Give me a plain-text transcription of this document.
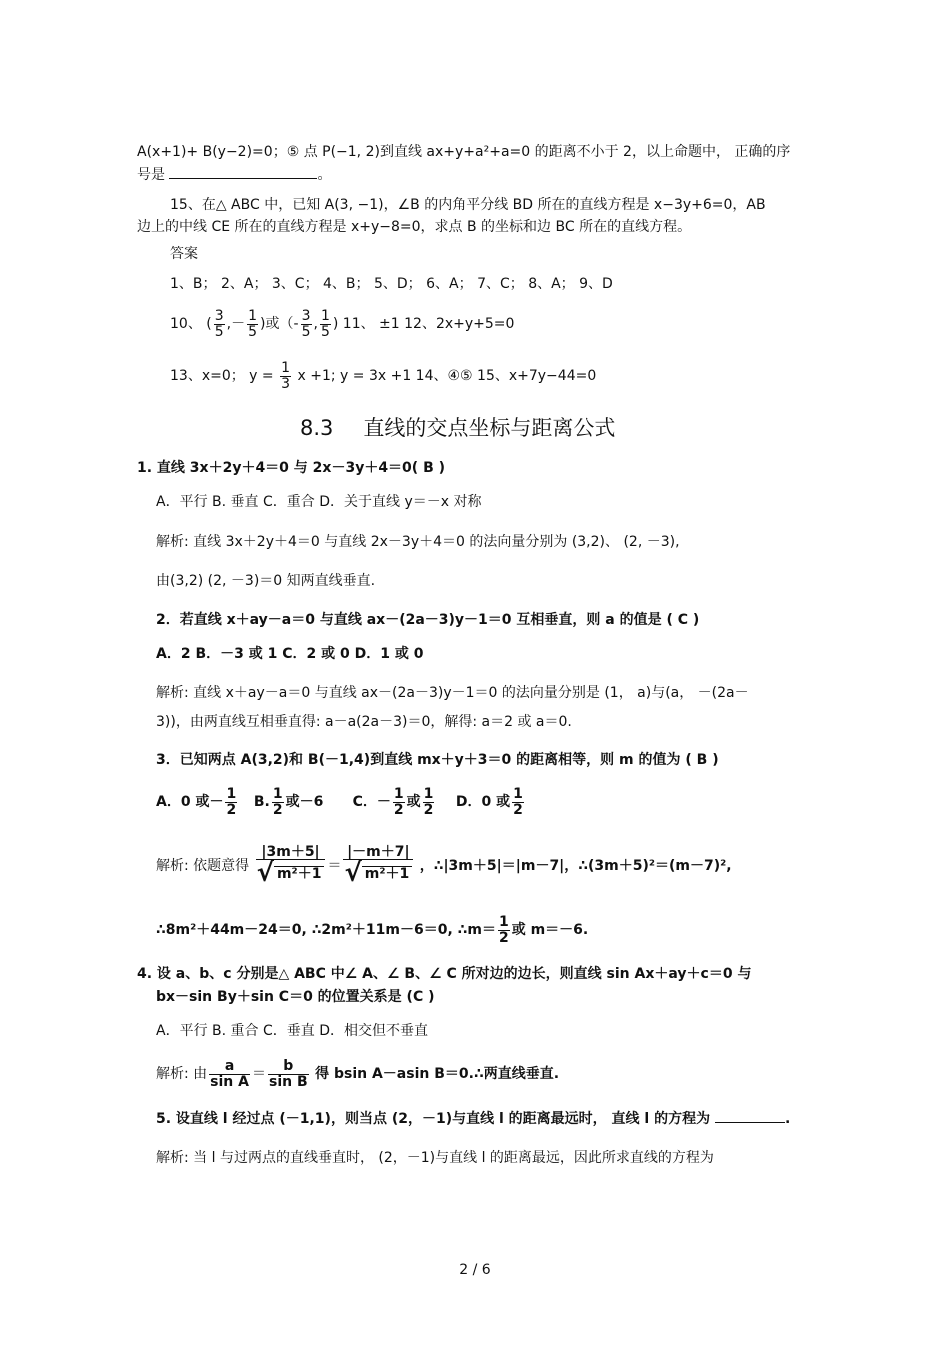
A(x+1)+ B(y−2)=0；⑤ 点 P(−1, 2)到直线 ax+y+a²+a=0 的距离不小于 2，以上命题中， 正确的序
号是	。
15、在△ ABC 中，已知 A(3, −1)，∠B 的内角平分线 BD 所在的直线方程是 x−3y+6=0，AB
边上的中线 CE 所在的直线方程是 x+y−8=0，求点 B 的坐标和边 BC 所在的直线方程。
答案
1、B； 2、A； 3、C； 4、B； 5、D； 6、A； 7、C； 8、A； 9、D
10、 ( $\frac{3}{5}$ ,－ $\frac{1}{5}$ )或（- $\frac{3}{5}$ , $\frac{1}{5}$ ) 11、 ±1 12、2x+y+5=0
13、x=0； $y = \frac{1}{3}$ x +1; y = 3x +1 14、④⑤ 15、x+7y−44=0
8.3 直线的交点坐标与距离公式
1. 直线 3x＋2y＋4＝0 与 2x－3y＋4＝0( B )
A．平行 B. 垂直 C．重合 D．关于直线 y＝－x 对称
解析: 直线 3x＋2y＋4＝0 与直线 2x－3y＋4＝0 的法向量分别为 (3,2)、 (2, －3),
由(3,2) (2, －3)＝0 知两直线垂直.
2．若直线 x＋ay－a＝0 与直线 ax－(2a－3)y－1＝0 互相垂直，则 a 的值是 ( C )
A．2 B．－3 或 1 C．2 或 0 D．1 或 0
解析: 直线 x＋ay－a＝0 与直线 ax－(2a－3)y－1＝0 的法向量分别是 (1， a)与(a， －(2a－
3))，由两直线互相垂直得: a－a(2a－3)＝0，解得: a＝2 或 a＝0.
3．已知两点 A(3,2)和 B(－1,4)到直线 mx＋y＋3＝0 的距离相等，则 m 的值为 ( B )
A．0 或－ $\frac{1}{2} B$. $\frac{1}{2}$ 或－6 C．－ $\frac{1}{2}$ 或 $\frac{1}{2}$ D．0 或 $\frac{1}{2}$
解析: 依题意得 $\frac{|3m+5|}{\text{√ m²＋1}} = \frac{|-m+7|}{\text{√ m²＋1}}$ ，∴|3m＋5|＝|m－7|，∴(3m＋5)²＝(m－7)²,
∴8m²＋44m－24＝0, ∴2m²＋11m－6＝0, ∴m＝ $\frac{1}{2}$ 或 m＝－6.
4. 设 a、b、c 分别是△ ABC 中∠ A、∠ B、∠ C 所对边的边长，则直线 sin Ax＋ay＋c＝0 与
bx－sin By＋sin C＝0 的位置关系是 (C )
A．平行 B. 重合 C．垂直 D．相交但不垂直
解析: 由 $\frac{a}{\text{sin A}} = \frac{b}{\text{sin B}}$ 得 bsin A－asin B＝0.∴两直线垂直.
5. 设直线 l 经过点 (－1,1)，则当点 (2，－1)与直线 l 的距离最远时， 直线 l 的方程为	.
解析: 当 l 与过两点的直线垂直时， (2，－1)与直线 l 的距离最远，因此所求直线的方程为
2 / 6
